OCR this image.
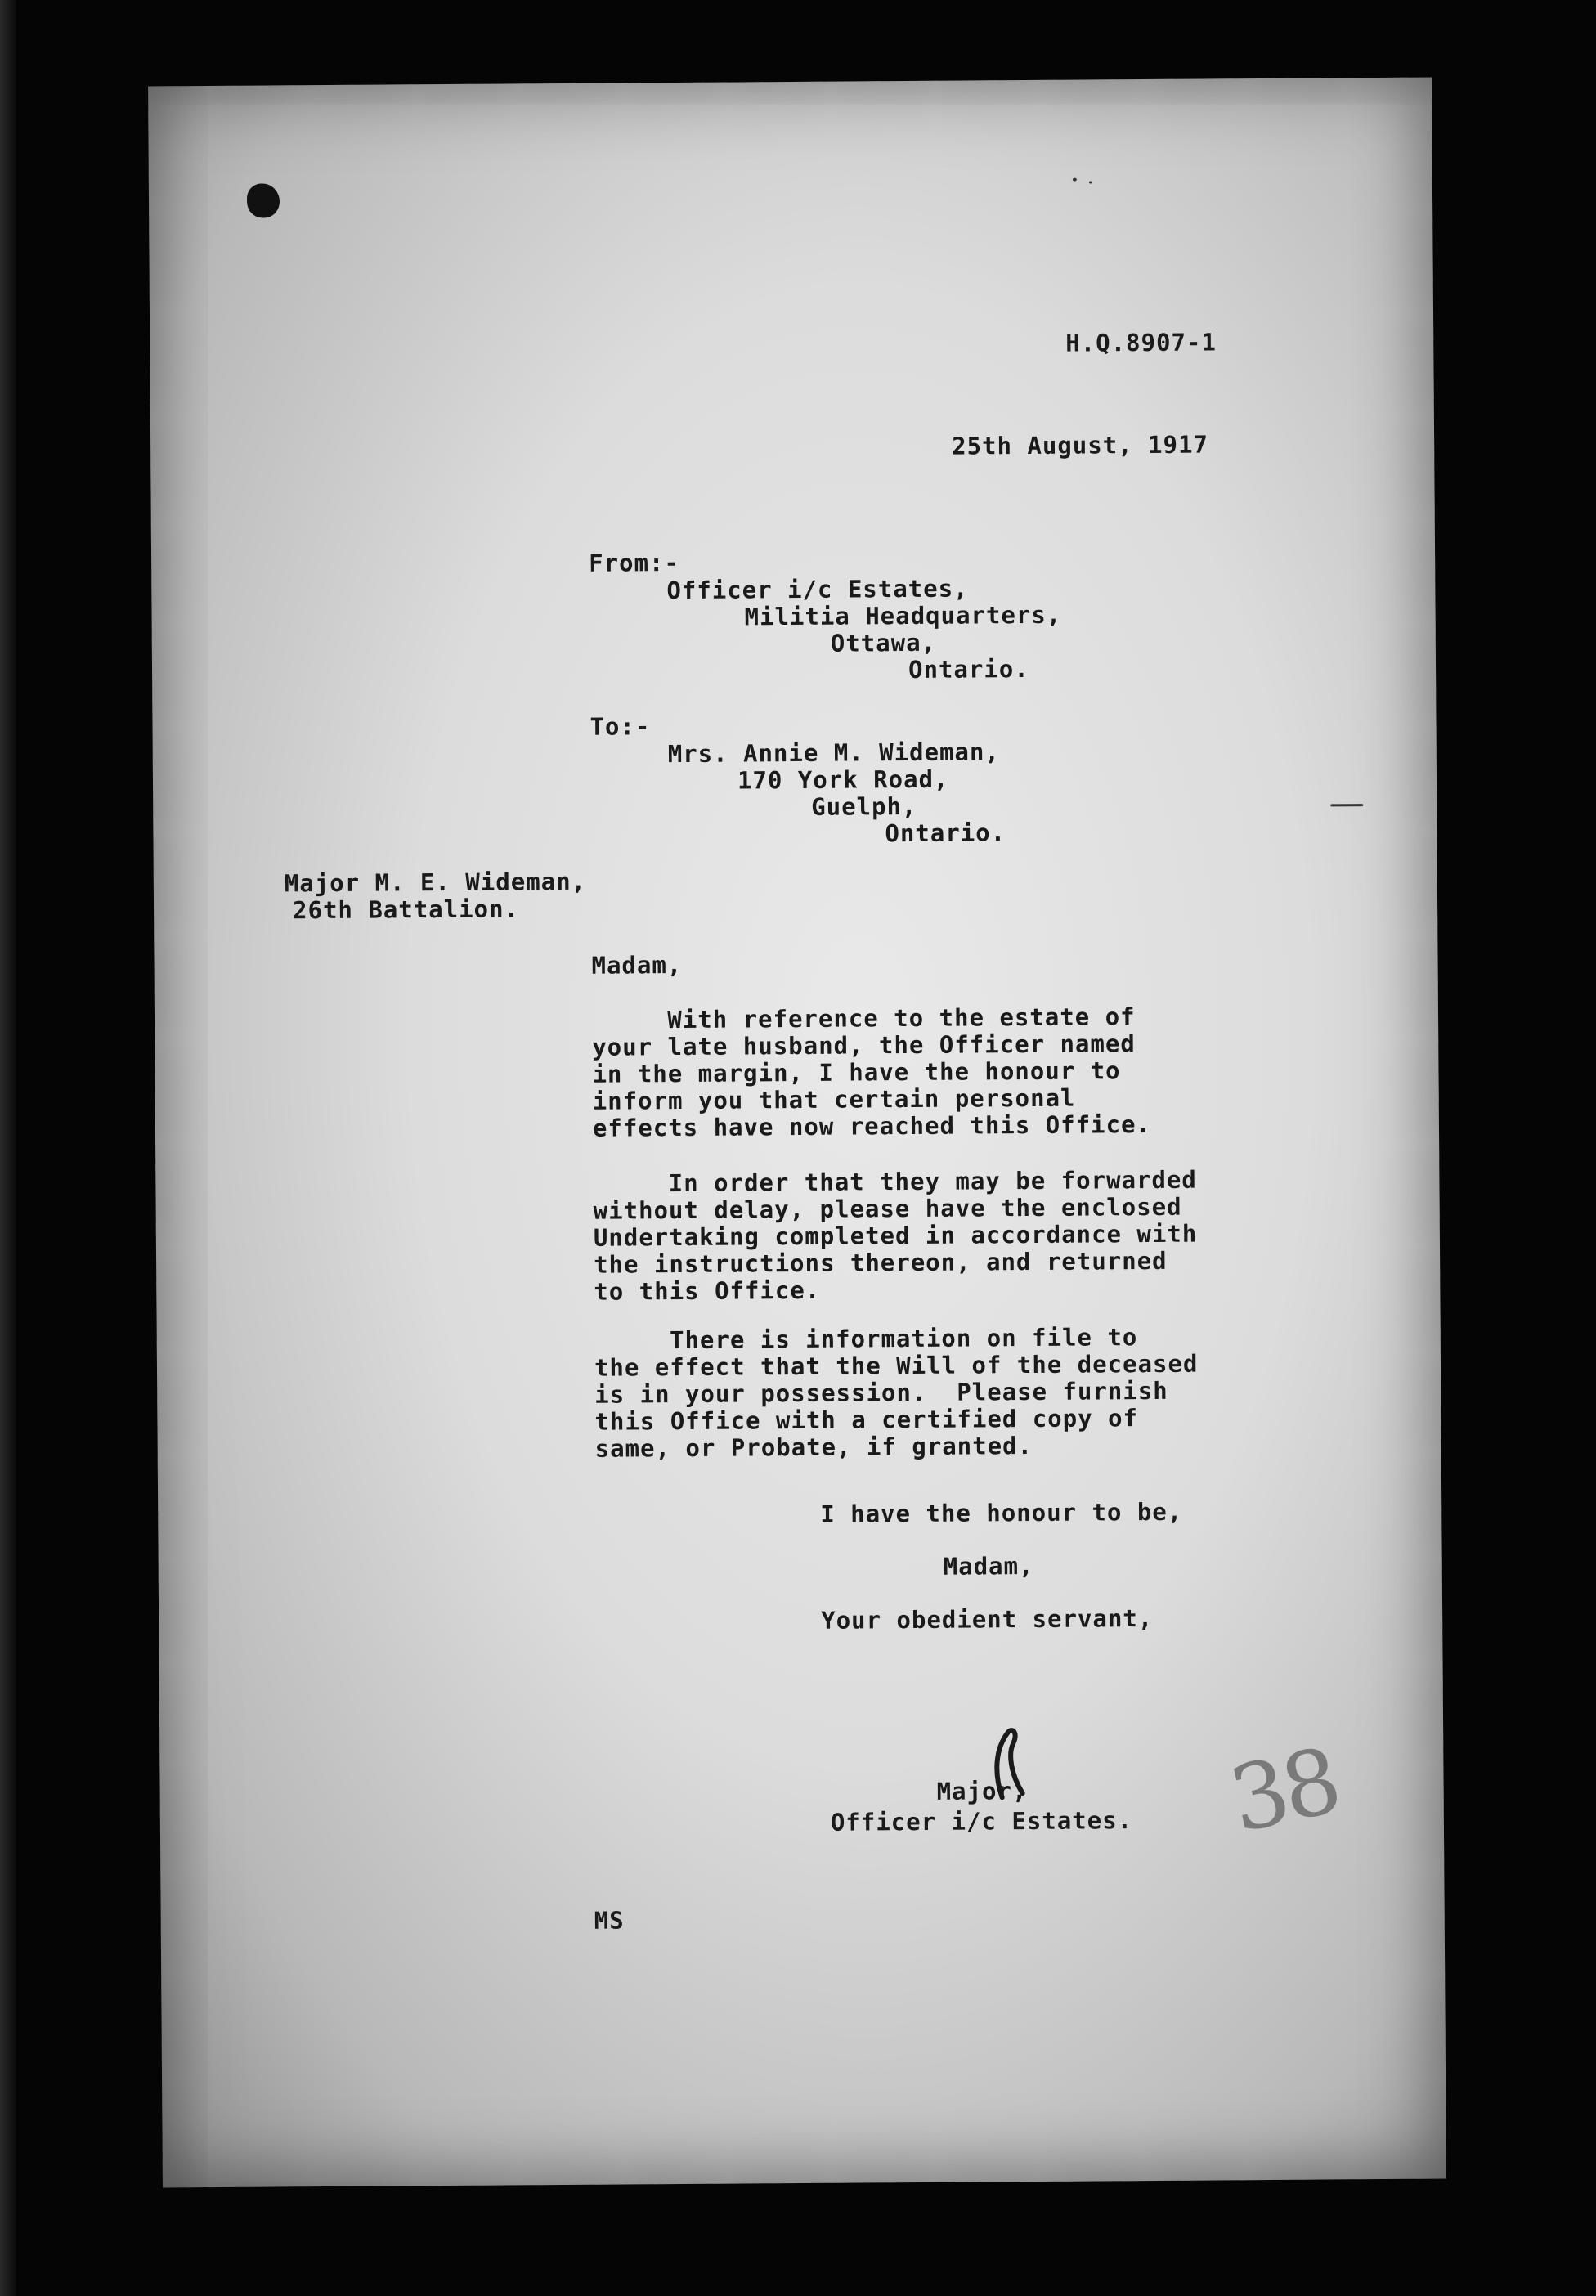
H.Q.8907-1
25th August, 1917
From:-
Officer i/c Estates,
Militia Headquarters,
Ottawa,
Ontario.
To:-
Mrs. Annie M. Wideman,
170 York Road,
Guelph,
Ontario.
Major M. E. Wideman,
26th Battalion.
Madam,
With reference to the estate of
your late husband, the Officer named
in the margin, I have the honour to
inform you that certain personal
effects have now reached this Office.
In order that they may be forwarded
without delay, please have the enclosed
Undertaking completed in accordance with
the instructions thereon, and returned
to this Office.
There is information on file to
the effect that the Will of the deceased
is in your possession.  Please furnish
this Office with a certified copy of
same, or Probate, if granted.
I have the honour to be,
Madam,
Your obedient servant,
Major,
Officer i/c Estates.
MS
38
